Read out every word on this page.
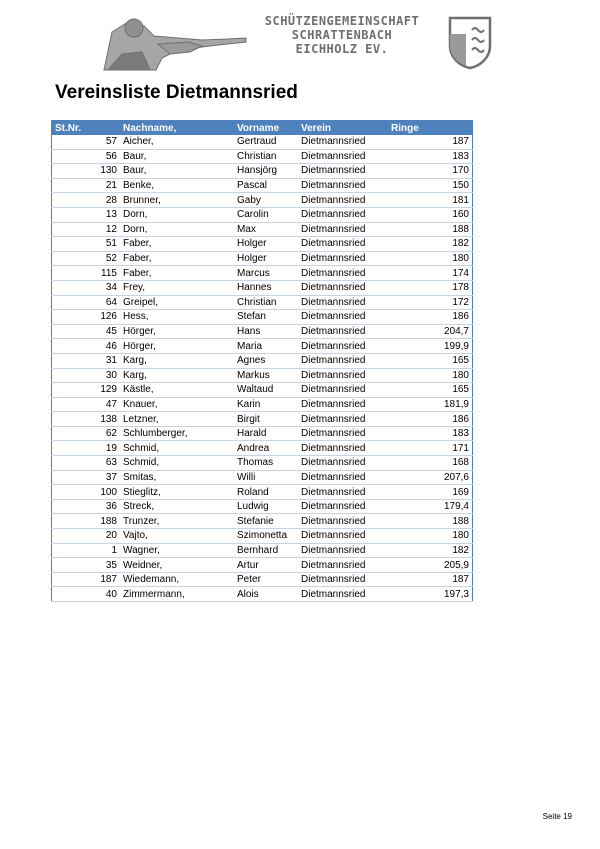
SCHÜTZENGEMEINSCHAFT
SCHRATTENBACH
EICHHOLZ EV.
Vereinsliste Dietmannsried
St.Nr.	Nachname,	Vorname	Verein	Ringe
57	Aicher,	Gertraud	Dietmannsried	187
56	Baur,	Christian	Dietmannsried	183
130	Baur,	Hansjörg	Dietmannsried	170
21	Benke,	Pascal	Dietmannsried	150
28	Brunner,	Gaby	Dietmannsried	181
13	Dorn,	Carolin	Dietmannsried	160
12	Dorn,	Max	Dietmannsried	188
51	Faber,	Holger	Dietmannsried	182
52	Faber,	Holger	Dietmannsried	180
115	Faber,	Marcus	Dietmannsried	174
34	Frey,	Hannes	Dietmannsried	178
64	Greipel,	Christian	Dietmannsried	172
126	Hess,	Stefan	Dietmannsried	186
45	Hörger,	Hans	Dietmannsried	204,7
46	Hörger,	Maria	Dietmannsried	199,9
31	Karg,	Agnes	Dietmannsried	165
30	Karg,	Markus	Dietmannsried	180
129	Kästle,	Waltaud	Dietmannsried	165
47	Knauer,	Karin	Dietmannsried	181,9
138	Letzner,	Birgit	Dietmannsried	186
62	Schlumberger,	Harald	Dietmannsried	183
19	Schmid,	Andrea	Dietmannsried	171
63	Schmid,	Thomas	Dietmannsried	168
37	Smitas,	Willi	Dietmannsried	207,6
100	Stieglitz,	Roland	Dietmannsried	169
36	Streck,	Ludwig	Dietmannsried	179,4
188	Trunzer,	Stefanie	Dietmannsried	188
20	Vajto,	Szimonetta	Dietmannsried	180
1	Wagner,	Bernhard	Dietmannsried	182
35	Weidner,	Artur	Dietmannsried	205,9
187	Wiedemann,	Peter	Dietmannsried	187
40	Zimmermann,	Alois	Dietmannsried	197,3
Seite 19
